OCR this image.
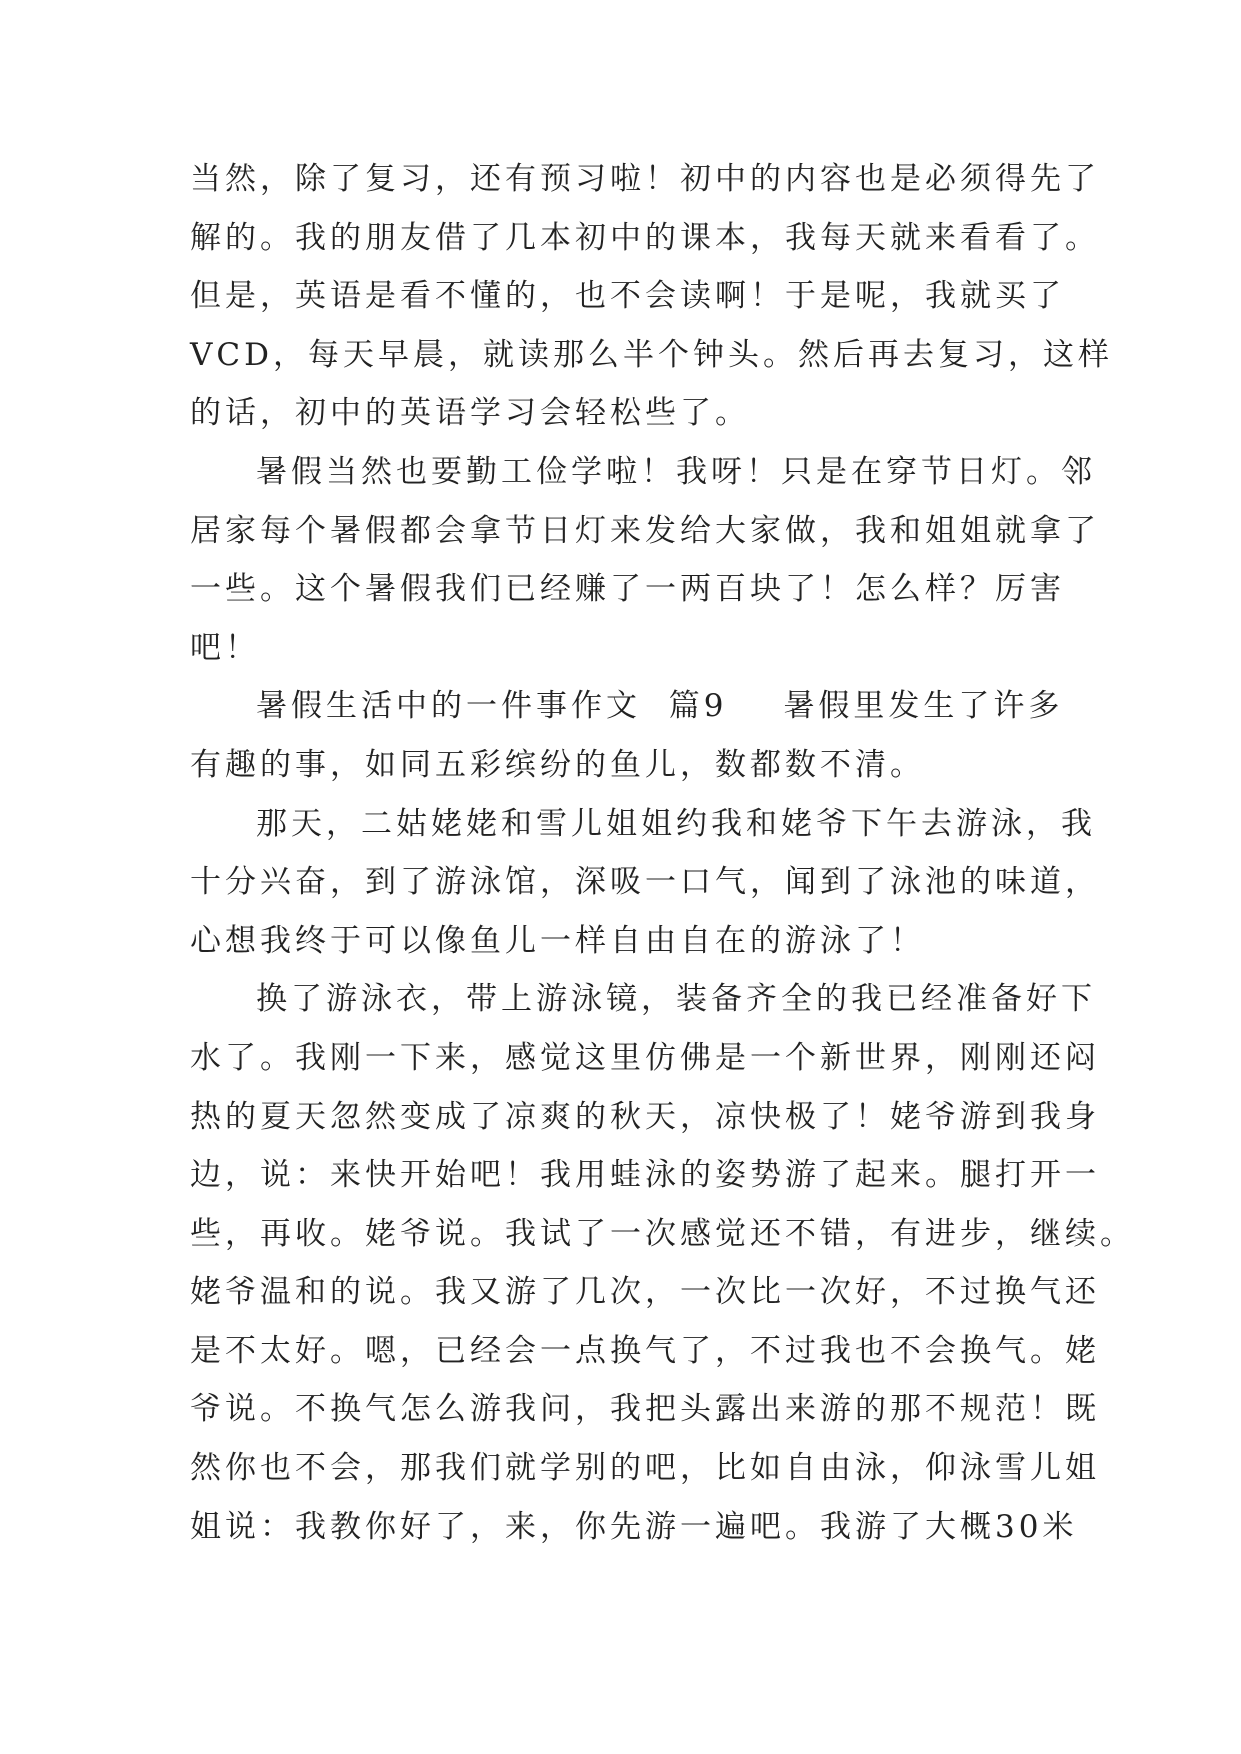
当然，除了复习，还有预习啦！初中的内容也是必须得先了
解的。我的朋友借了几本初中的课本，我每天就来看看了。
但是，英语是看不懂的，也不会读啊！于是呢，我就买了
VCD，每天早晨，就读那么半个钟头。然后再去复习，这样
的话，初中的英语学习会轻松些了。
暑假当然也要勤工俭学啦！我呀！只是在穿节日灯。邻
居家每个暑假都会拿节日灯来发给大家做，我和姐姐就拿了
一些。这个暑假我们已经赚了一两百块了！怎么样？厉害
吧！
暑假生活中的一件事作文  篇9 暑假里发生了许多
有趣的事，如同五彩缤纷的鱼儿，数都数不清。
那天，二姑姥姥和雪儿姐姐约我和姥爷下午去游泳，我
十分兴奋，到了游泳馆，深吸一口气，闻到了泳池的味道，
心想我终于可以像鱼儿一样自由自在的游泳了！
换了游泳衣，带上游泳镜，装备齐全的我已经准备好下
水了。我刚一下来，感觉这里仿佛是一个新世界，刚刚还闷
热的夏天忽然变成了凉爽的秋天，凉快极了！姥爷游到我身
边，说：来快开始吧！我用蛙泳的姿势游了起来。腿打开一
些，再收。姥爷说。我试了一次感觉还不错，有进步，继续。
姥爷温和的说。我又游了几次，一次比一次好，不过换气还
是不太好。嗯，已经会一点换气了，不过我也不会换气。姥
爷说。不换气怎么游我问，我把头露出来游的那不规范！既
然你也不会，那我们就学别的吧，比如自由泳，仰泳雪儿姐
姐说：我教你好了，来，你先游一遍吧。我游了大概30米
